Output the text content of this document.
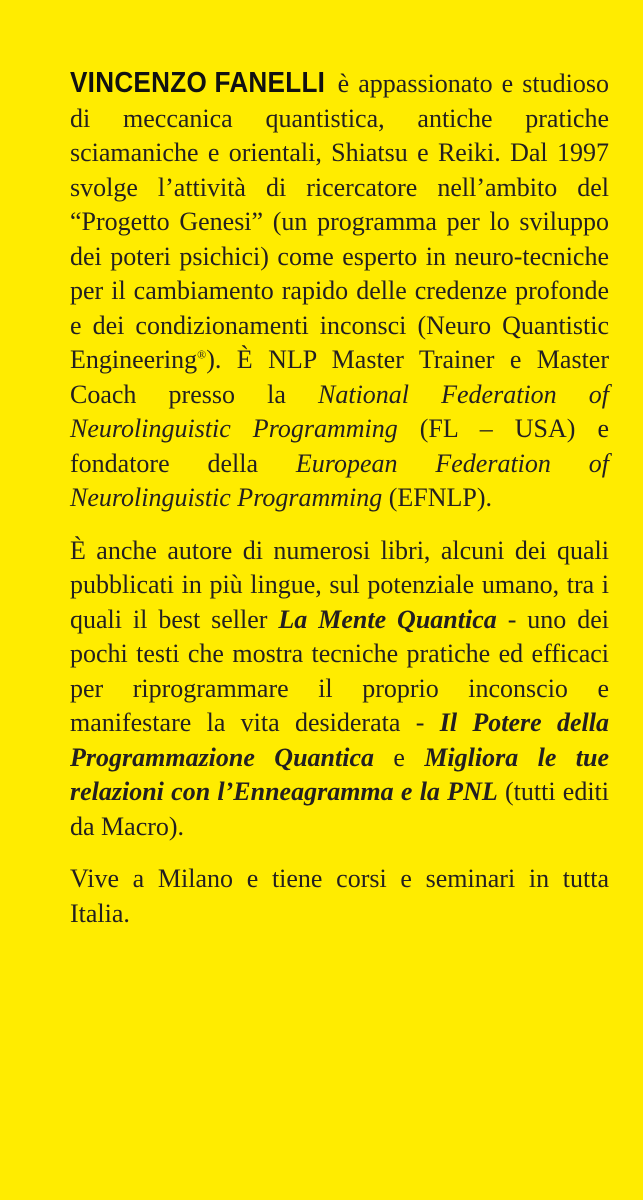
VINCENZO FANELLI è appassionato e studioso di meccanica quantistica, antiche pratiche sciamaniche e orientali, Shiatsu e Reiki. Dal 1997 svolge l’attività di ricercatore nell’ambito del “Progetto Genesi” (un programma per lo sviluppo dei poteri psichici) come esperto in neuro-tecniche per il cambiamento rapido delle credenze profonde e dei condizionamenti inconsci (Neuro Quantistic Engineering®). È NLP Master Trainer e Master Coach presso la National Federation of Neurolinguistic Programming (FL – USA) e fondatore della European Federation of Neurolinguistic Programming (EFNLP).

È anche autore di numerosi libri, alcuni dei quali pubblicati in più lingue, sul potenziale umano, tra i quali il best seller La Mente Quantica - uno dei pochi testi che mostra tecniche pratiche ed efficaci per riprogrammare il proprio inconscio e manifestare la vita desiderata - Il Potere della Programmazione Quantica e Migliora le tue relazioni con l’Enneagramma e la PNL (tutti editi da Macro).

Vive a Milano e tiene corsi e seminari in tutta Italia.
